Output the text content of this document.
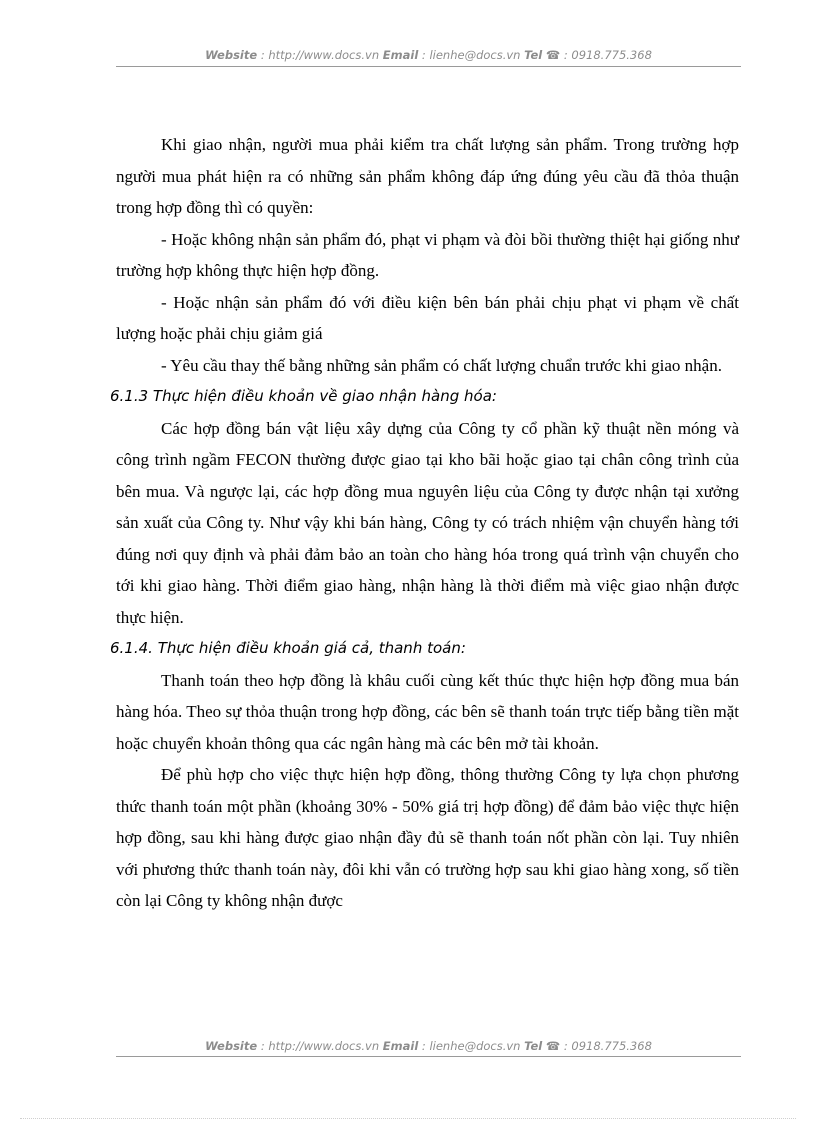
Website : http://www.docs.vn Email : lienhe@docs.vn Tel ☎ : 0918.775.368

Khi giao nhận, người mua phải kiểm tra chất lượng sản phẩm. Trong trường hợp người mua phát hiện ra có những sản phẩm không đáp ứng đúng yêu cầu đã thỏa thuận trong hợp đồng thì có quyền:

- Hoặc không nhận sản phẩm đó, phạt vi phạm và đòi bồi thường thiệt hại giống như trường hợp không thực hiện hợp đồng.

- Hoặc nhận sản phẩm đó với điều kiện bên bán phải chịu phạt vi phạm về chất lượng hoặc phải chịu giảm giá

- Yêu cầu thay thế bằng những sản phẩm có chất lượng chuẩn trước khi giao nhận.

6.1.3 Thực hiện điều khoản về giao nhận hàng hóa:

Các hợp đồng bán vật liệu xây dựng của Công ty cổ phần kỹ thuật nền móng và công trình ngầm FECON thường được giao tại kho bãi hoặc giao tại chân công trình của bên mua. Và ngược lại, các hợp đồng mua nguyên liệu của Công ty được nhận tại xưởng sản xuất của Công ty. Như vậy khi bán hàng, Công ty có trách nhiệm vận chuyển hàng tới đúng nơi quy định và phải đảm bảo an toàn cho hàng hóa trong quá trình vận chuyển cho tới khi giao hàng. Thời điểm giao hàng, nhận hàng là thời điểm mà việc giao nhận được thực hiện.

6.1.4. Thực hiện điều khoản giá cả, thanh toán:

Thanh toán theo hợp đồng là khâu cuối cùng kết thúc thực hiện hợp đồng mua bán hàng hóa. Theo sự thỏa thuận trong hợp đồng, các bên sẽ thanh toán trực tiếp bằng tiền mặt hoặc chuyển khoản thông qua các ngân hàng mà các bên mở tài khoản.

Để phù hợp cho việc thực hiện hợp đồng, thông thường Công ty lựa chọn phương thức thanh toán một phần (khoảng 30% - 50% giá trị hợp đồng) để đảm bảo việc thực hiện hợp đồng, sau khi hàng được giao nhận đầy đủ sẽ thanh toán nốt phần còn lại. Tuy nhiên với phương thức thanh toán này, đôi khi vẫn có trường hợp sau khi giao hàng xong, số tiền còn lại Công ty không nhận được

Website : http://www.docs.vn Email : lienhe@docs.vn Tel ☎ : 0918.775.368
